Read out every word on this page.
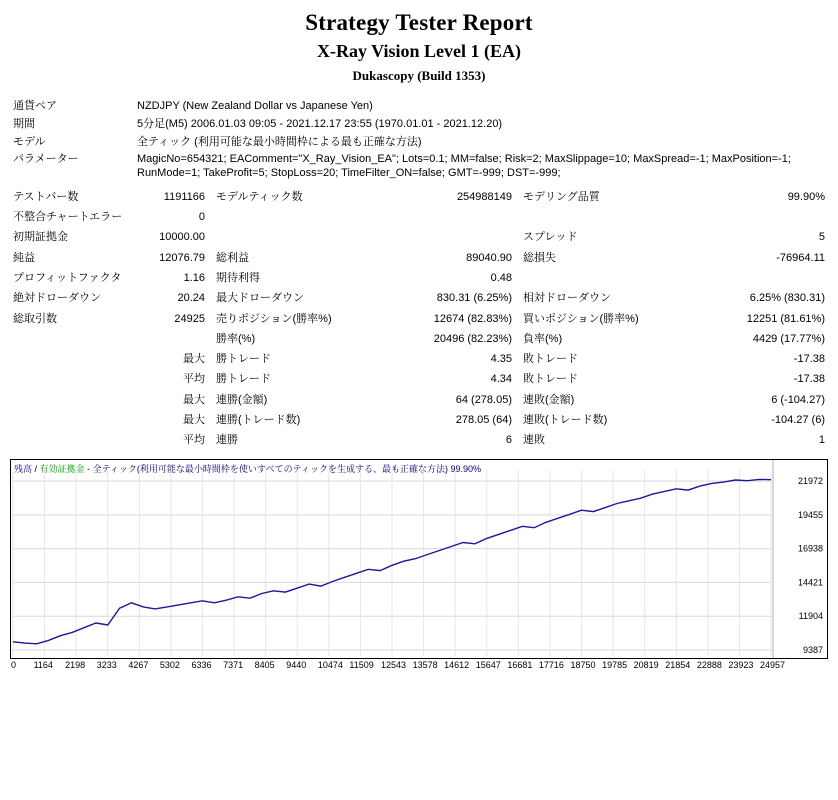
Strategy Tester Report
X-Ray Vision Level 1 (EA)
Dukascopy (Build 1353)
通貨ペア	NZDJPY (New Zealand Dollar vs Japanese Yen)
期間	5分足(M5) 2006.01.03 09:05 - 2021.12.17 23:55 (1970.01.01 - 2021.12.20)
モデル	全ティック (利用可能な最小時間枠による最も正確な方法)
パラメーター	MagicNo=654321; EAComment="X_Ray_Vision_EA"; Lots=0.1; MM=false; Risk=2; MaxSlippage=10; MaxSpread=-1; MaxPosition=-1; RunMode=1; TakeProfit=5; StopLoss=20; TimeFilter_ON=false; GMT=-999; DST=-999;
テストバー数	1191166	モデルティック数	254988149	モデリング品質	99.90%
不整合チャートエラー	0				
初期証拠金	10000.00			スプレッド	5
純益	12076.79	総利益	89040.90	総損失	-76964.11
プロフィットファクタ	1.16	期待利得	0.48		
絶対ドローダウン	20.24	最大ドローダウン	830.31 (6.25%)	相対ドローダウン	6.25% (830.31)
総取引数	24925	売りポジション(勝率%)	12674 (82.83%)	買いポジション(勝率%)	12251 (81.61%)
		勝率(%)	20496 (82.23%)	負率(%)	4429 (17.77%)
	最大	勝トレード	4.35	敗トレード	-17.38
	平均	勝トレード	4.34	敗トレード	-17.38
	最大	連勝(金額)	64 (278.05)	連敗(金額)	6 (-104.27)
	最大	連勝(トレード数)	278.05 (64)	連敗(トレード数)	-104.27 (6)
	平均	連勝	6	連敗	1
残高 / 有効証拠金 - 全ティック(利用可能な最小時間枠を使いすべてのティックを生成する、最も正確な方法) 99.90%
21972
19455
16938
14421
11904
9387
0 1164 2198 3233 4267 5302 6336 7371 8405 9440 10474 11509 12543 13578 14612 15647 16681 17716 18750 19785 20819 21854 22888 23923 24957
